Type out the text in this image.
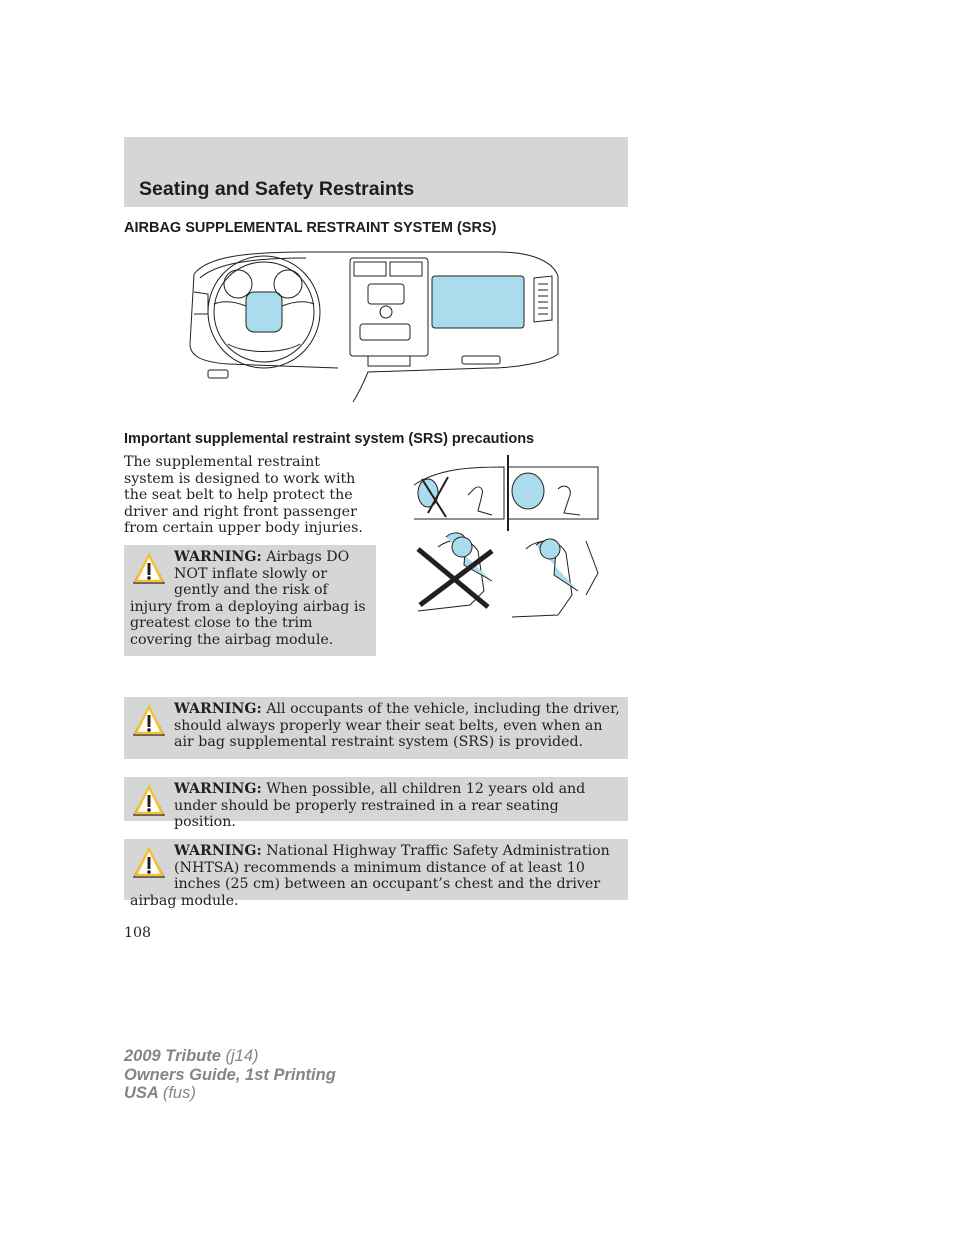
Seating and Safety Restraints
AIRBAG SUPPLEMENTAL RESTRAINT SYSTEM (SRS)
Important supplemental restraint system (SRS) precautions

The supplemental restraint system is designed to work with the seat belt to help protect the driver and right front passenger from certain upper body injuries.

WARNING: Airbags DO NOT inflate slowly or gently and the risk of injury from a deploying airbag is greatest close to the trim covering the airbag module.
WARNING: All occupants of the vehicle, including the driver, should always properly wear their seat belts, even when an air bag supplemental restraint system (SRS) is provided.
WARNING: When possible, all children 12 years old and under should be properly restrained in a rear seating position.
WARNING: National Highway Traffic Safety Administration (NHTSA) recommends a minimum distance of at least 10 inches (25 cm) between an occupant’s chest and the driver airbag module.

108

2009 Tribute (j14)
Owners Guide, 1st Printing
USA (fus)
